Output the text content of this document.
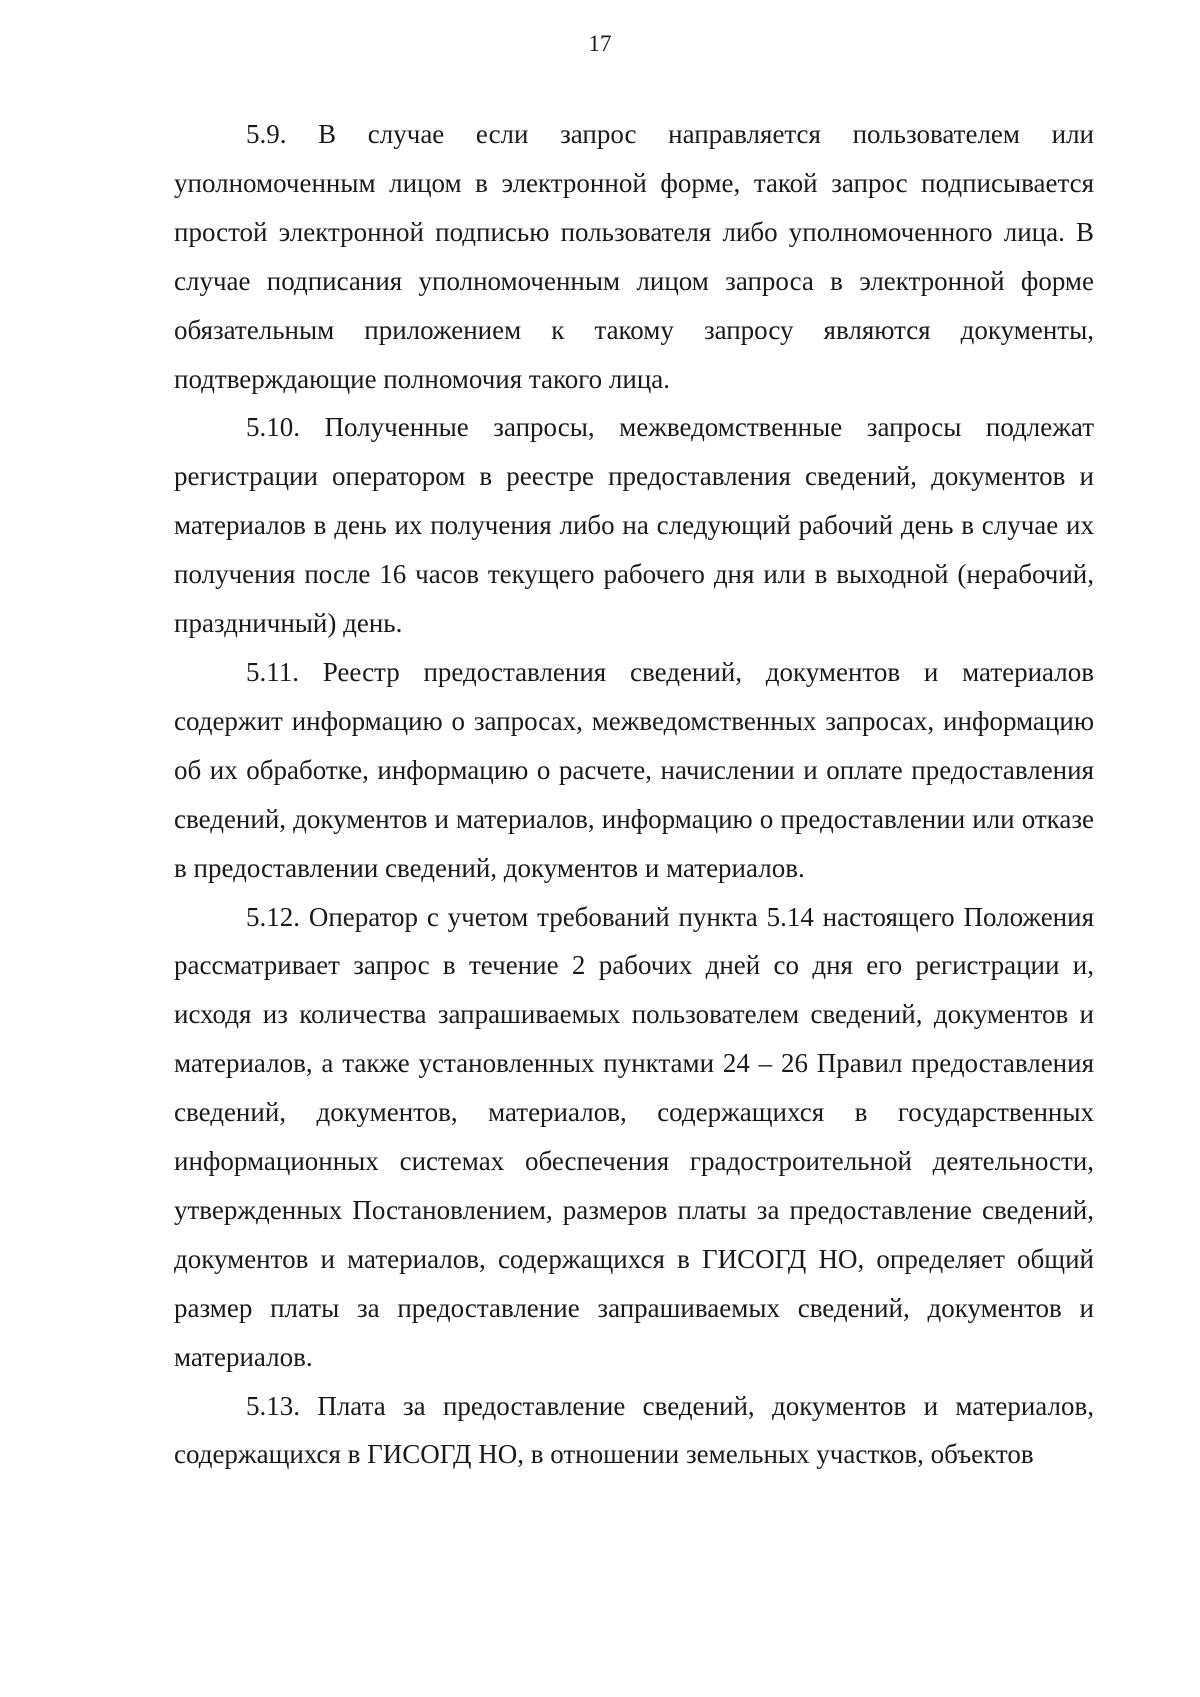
17

5.9. В случае если запрос направляется пользователем или уполномоченным лицом в электронной форме, такой запрос подписывается простой электронной подписью пользователя либо уполномоченного лица. В случае подписания уполномоченным лицом запроса в электронной форме обязательным приложением к такому запросу являются документы, подтверждающие полномочия такого лица.

5.10. Полученные запросы, межведомственные запросы подлежат регистрации оператором в реестре предоставления сведений, документов и материалов в день их получения либо на следующий рабочий день в случае их получения после 16 часов текущего рабочего дня или в выходной (нерабочий, праздничный) день.

5.11. Реестр предоставления сведений, документов и материалов содержит информацию о запросах, межведомственных запросах, информацию об их обработке, информацию о расчете, начислении и оплате предоставления сведений, документов и материалов, информацию о предоставлении или отказе в предоставлении сведений, документов и материалов.

5.12. Оператор с учетом требований пункта 5.14 настоящего Положения рассматривает запрос в течение 2 рабочих дней со дня его регистрации и, исходя из количества запрашиваемых пользователем сведений, документов и материалов, а также установленных пунктами 24 – 26 Правил предоставления сведений, документов, материалов, содержащихся в государственных информационных системах обеспечения градостроительной деятельности, утвержденных Постановлением, размеров платы за предоставление сведений, документов и материалов, содержащихся в ГИСОГД НО, определяет общий размер платы за предоставление запрашиваемых сведений, документов и материалов.

5.13. Плата за предоставление сведений, документов и материалов, содержащихся в ГИСОГД НО, в отношении земельных участков, объектов
